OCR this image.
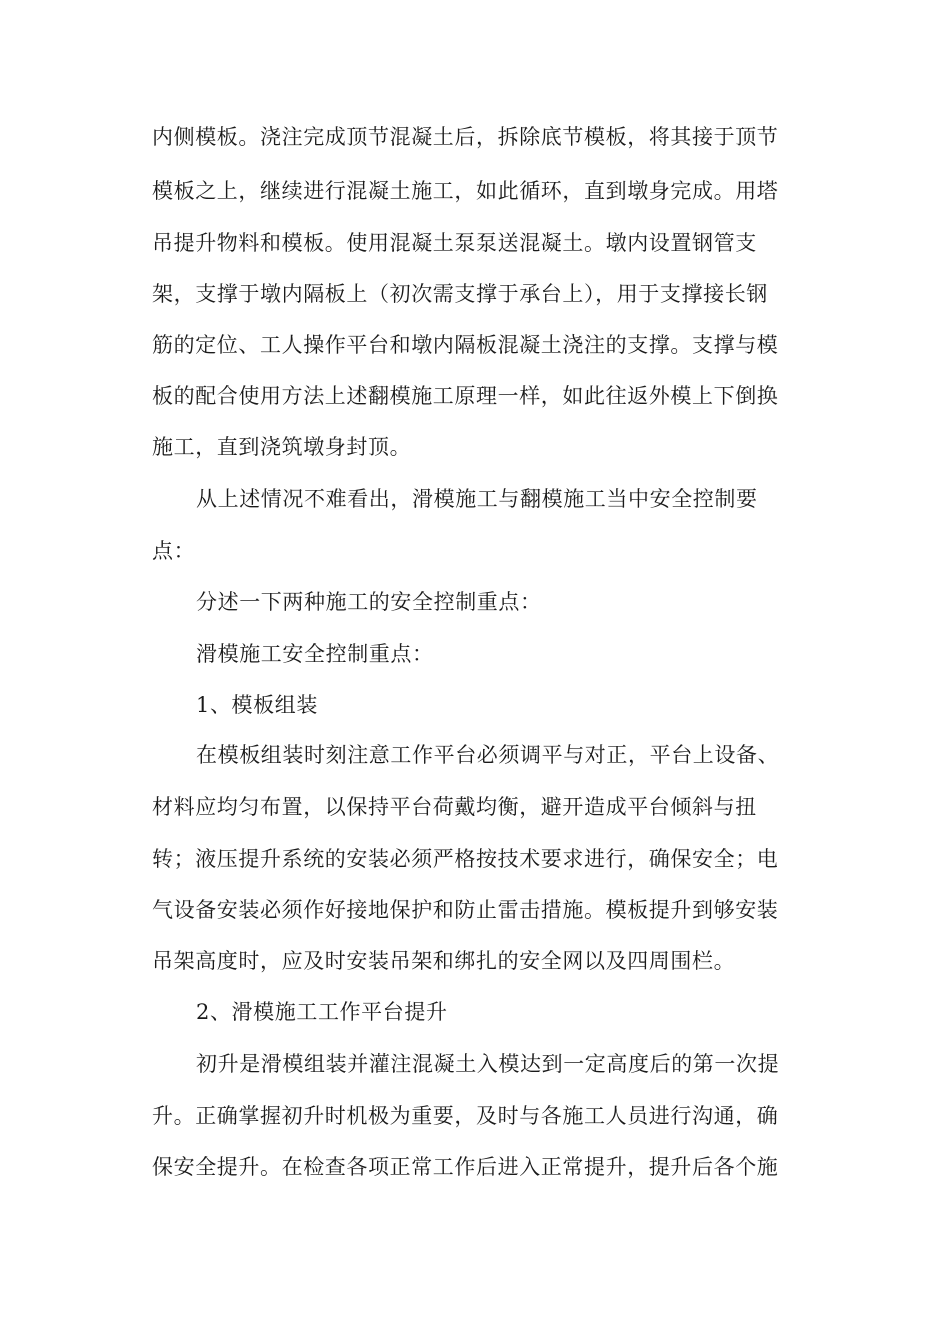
内侧模板。浇注完成顶节混凝土后，拆除底节模板，将其接于顶节
模板之上，继续进行混凝土施工，如此循环，直到墩身完成。用塔
吊提升物料和模板。使用混凝土泵泵送混凝土。墩内设置钢管支
架，支撑于墩内隔板上（初次需支撑于承台上），用于支撑接长钢
筋的定位、工人操作平台和墩内隔板混凝土浇注的支撑。支撑与模
板的配合使用方法上述翻模施工原理一样，如此往返外模上下倒换
施工，直到浇筑墩身封顶。
从上述情况不难看出，滑模施工与翻模施工当中安全控制要
点：
分述一下两种施工的安全控制重点：
滑模施工安全控制重点：
1、模板组装
在模板组装时刻注意工作平台必须调平与对正，平台上设备、
材料应均匀布置，以保持平台荷戴均衡，避开造成平台倾斜与扭
转；液压提升系统的安装必须严格按技术要求进行，确保安全；电
气设备安装必须作好接地保护和防止雷击措施。模板提升到够安装
吊架高度时，应及时安装吊架和绑扎的安全网以及四周围栏。
2、滑模施工工作平台提升
初升是滑模组装并灌注混凝土入模达到一定高度后的第一次提
升。正确掌握初升时机极为重要，及时与各施工人员进行沟通，确
保安全提升。在检查各项正常工作后进入正常提升，提升后各个施
